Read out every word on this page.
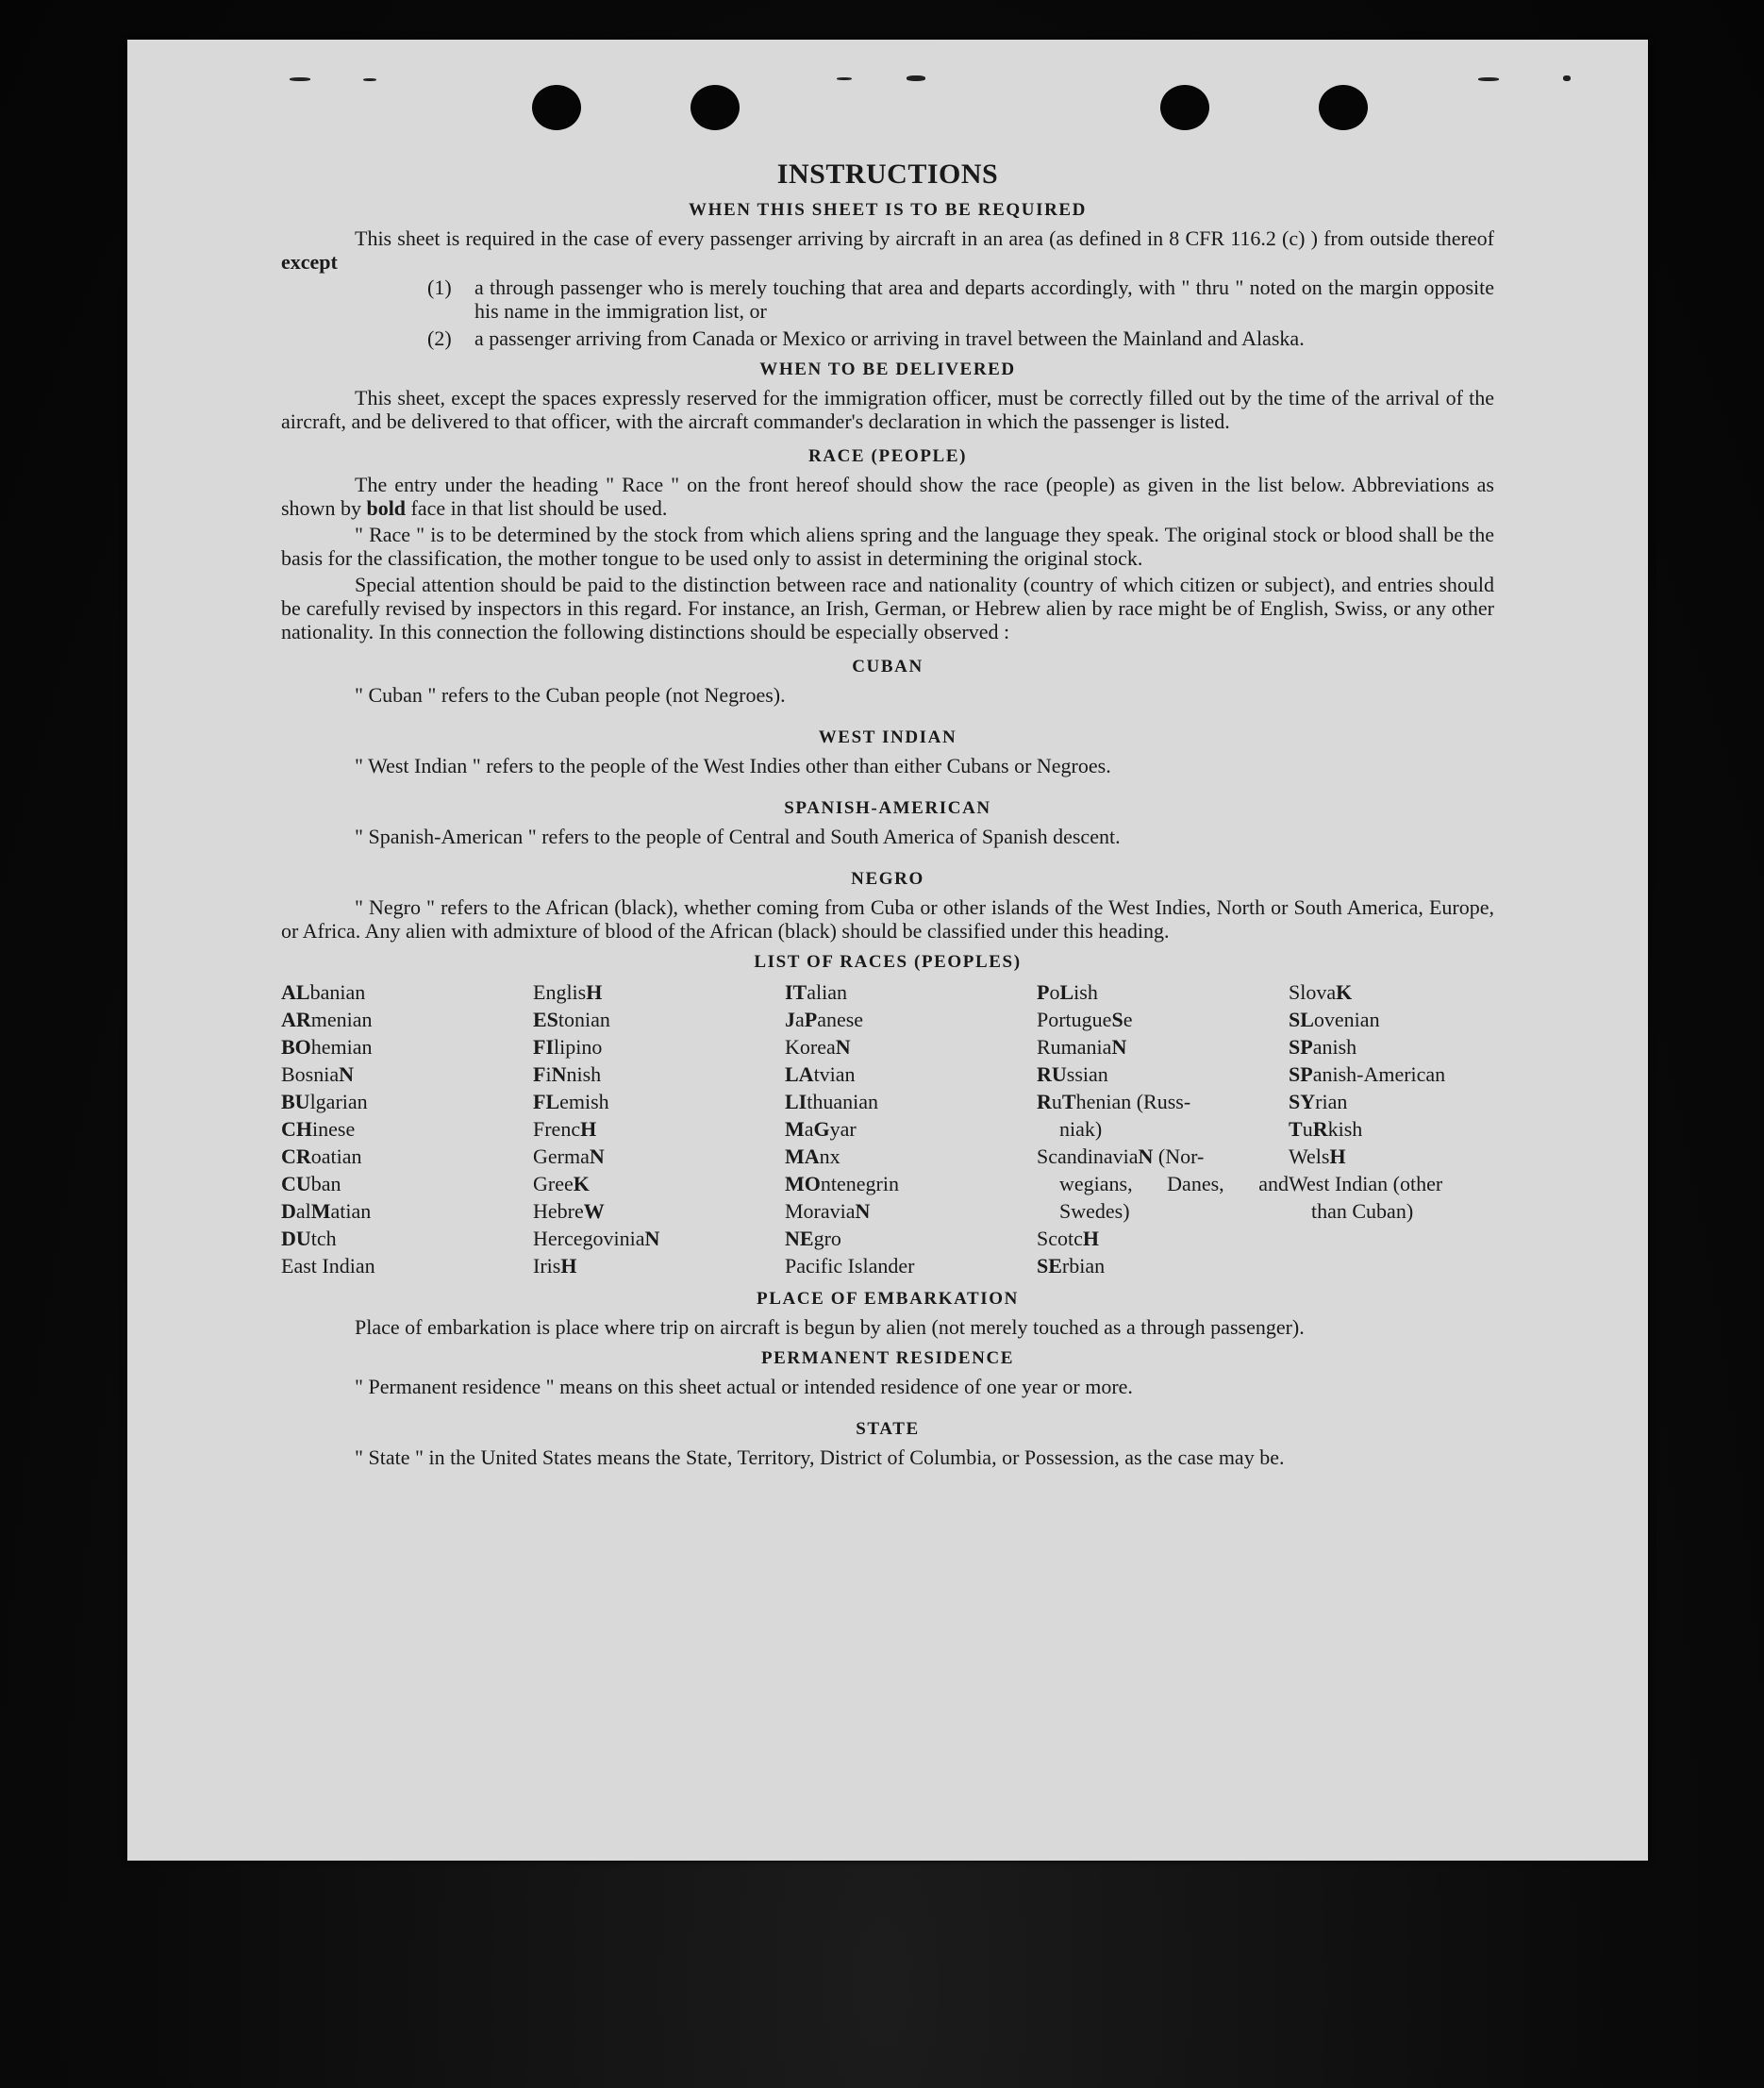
INSTRUCTIONS
WHEN THIS SHEET IS TO BE REQUIRED

This sheet is required in the case of every passenger arriving by aircraft in an area (as defined in 8 CFR 116.2 (c) ) from outside thereof except

(1)	a through passenger who is merely touching that area and departs accordingly, with " thru " noted on the margin opposite his name in the immigration list, or
(2)	a passenger arriving from Canada or Mexico or arriving in travel between the Mainland and Alaska.
WHEN TO BE DELIVERED

This sheet, except the spaces expressly reserved for the immigration officer, must be correctly filled out by the time of the arrival of the aircraft, and be delivered to that officer, with the aircraft commander's declaration in which the passenger is listed.

RACE (PEOPLE)

The entry under the heading " Race " on the front hereof should show the race (people) as given in the list below. Abbreviations as shown by bold face in that list should be used.

" Race " is to be determined by the stock from which aliens spring and the language they speak. The original stock or blood shall be the basis for the classification, the mother tongue to be used only to assist in determining the original stock.

Special attention should be paid to the distinction between race and nationality (country of which citizen or subject), and entries should be carefully revised by inspectors in this regard. For instance, an Irish, German, or Hebrew alien by race might be of English, Swiss, or any other nationality. In this connection the following distinctions should be especially observed :

CUBAN

" Cuban " refers to the Cuban people (not Negroes).

WEST INDIAN

" West Indian " refers to the people of the West Indies other than either Cubans or Negroes.

SPANISH-AMERICAN

" Spanish-American " refers to the people of Central and South America of Spanish descent.

NEGRO

" Negro " refers to the African (black), whether coming from Cuba or other islands of the West Indies, North or South America, Europe, or Africa. Any alien with admixture of blood of the African (black) should be classified under this heading.

LIST OF RACES (PEOPLES)
ALbanian
ARmenian
BOhemian
BosniaN
BUlgarian
CHinese
CRoatian
CUban
DalMatian
DUtch
East Indian
EnglisH
EStonian
FIlipino
FiNnish
FLemish
FrencH
GermaN
GreeK
HebreW
HercegoviniaN
IrisH
ITalian
JaPanese
KoreaN
LAtvian
LIthuanian
MaGyar
MAnx
MOntenegrin
MoraviaN
NEgro
Pacific Islander
PoLish
PortugueSe
RumaniaN
RUssian
RuThenian (Russ-
niak)
ScandinaviaN (Nor-
wegians, Danes, and Swedes)
ScotcH
SErbian
SlovaK
SLovenian
SPanish
SPanish-American
SYrian
TuRkish
WelsH
West Indian (other
than Cuban)
PLACE OF EMBARKATION

Place of embarkation is place where trip on aircraft is begun by alien (not merely touched as a through passenger).

PERMANENT RESIDENCE

" Permanent residence " means on this sheet actual or intended residence of one year or more.

STATE

" State " in the United States means the State, Territory, District of Columbia, or Possession, as the case may be.
